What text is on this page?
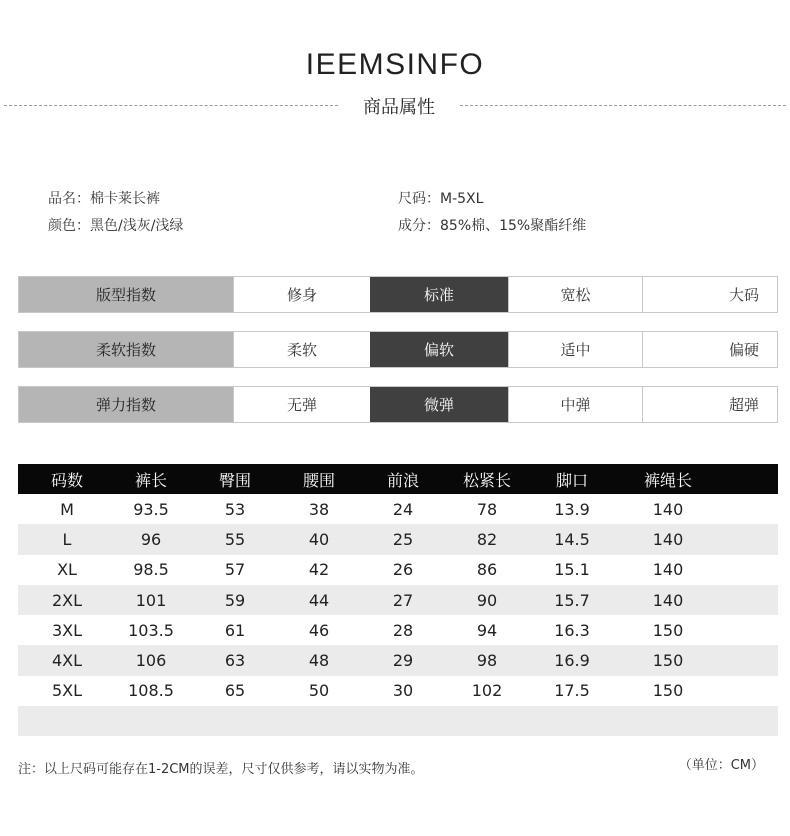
IEEMSINFO
商品属性
品名：棉卡莱长裤	尺码：M-5XL
颜色：黑色/浅灰/浅绿	成分：85%棉、15%聚酯纤维
版型指数	修身	标准	宽松	大码
柔软指数	柔软	偏软	适中	偏硬
弹力指数	无弹	微弹	中弹	超弹
码数	裤长	臀围	腰围	前浪	松紧长	脚口	裤绳长
M	93.5	53	38	24	78	13.9	140
L	96	55	40	25	82	14.5	140
XL	98.5	57	42	26	86	15.1	140
2XL	101	59	44	27	90	15.7	140
3XL	103.5	61	46	28	94	16.3	150
4XL	106	63	48	29	98	16.9	150
5XL	108.5	65	50	30	102	17.5	150
注：以上尺码可能存在1-2CM的误差，尺寸仅供参考，请以实物为准。	（单位：CM）
